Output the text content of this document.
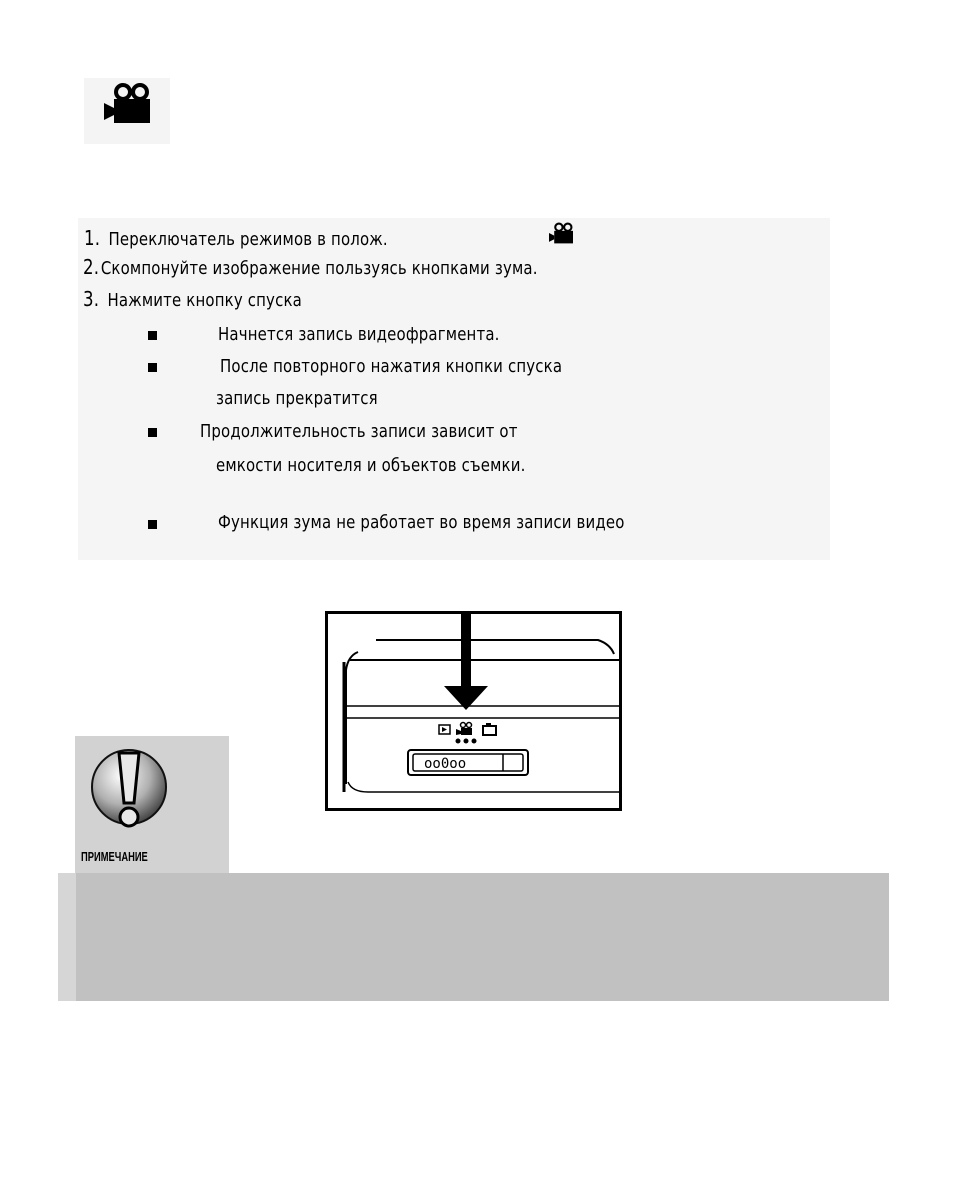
1. Переключатель режимов в полож.
2.Скомпонуйте изображение пользуясь кнопками зума.
3. Нажмите кнопку спуска
Начнется запись видеофрагмента.
После повторного нажатия кнопки спуска
запись прекратится
Продолжительность записи зависит от
емкости носителя и объектов съемки.
Функция зума не работает во время записи видео
oo0oo
ПРИМЕЧАНИЕ
